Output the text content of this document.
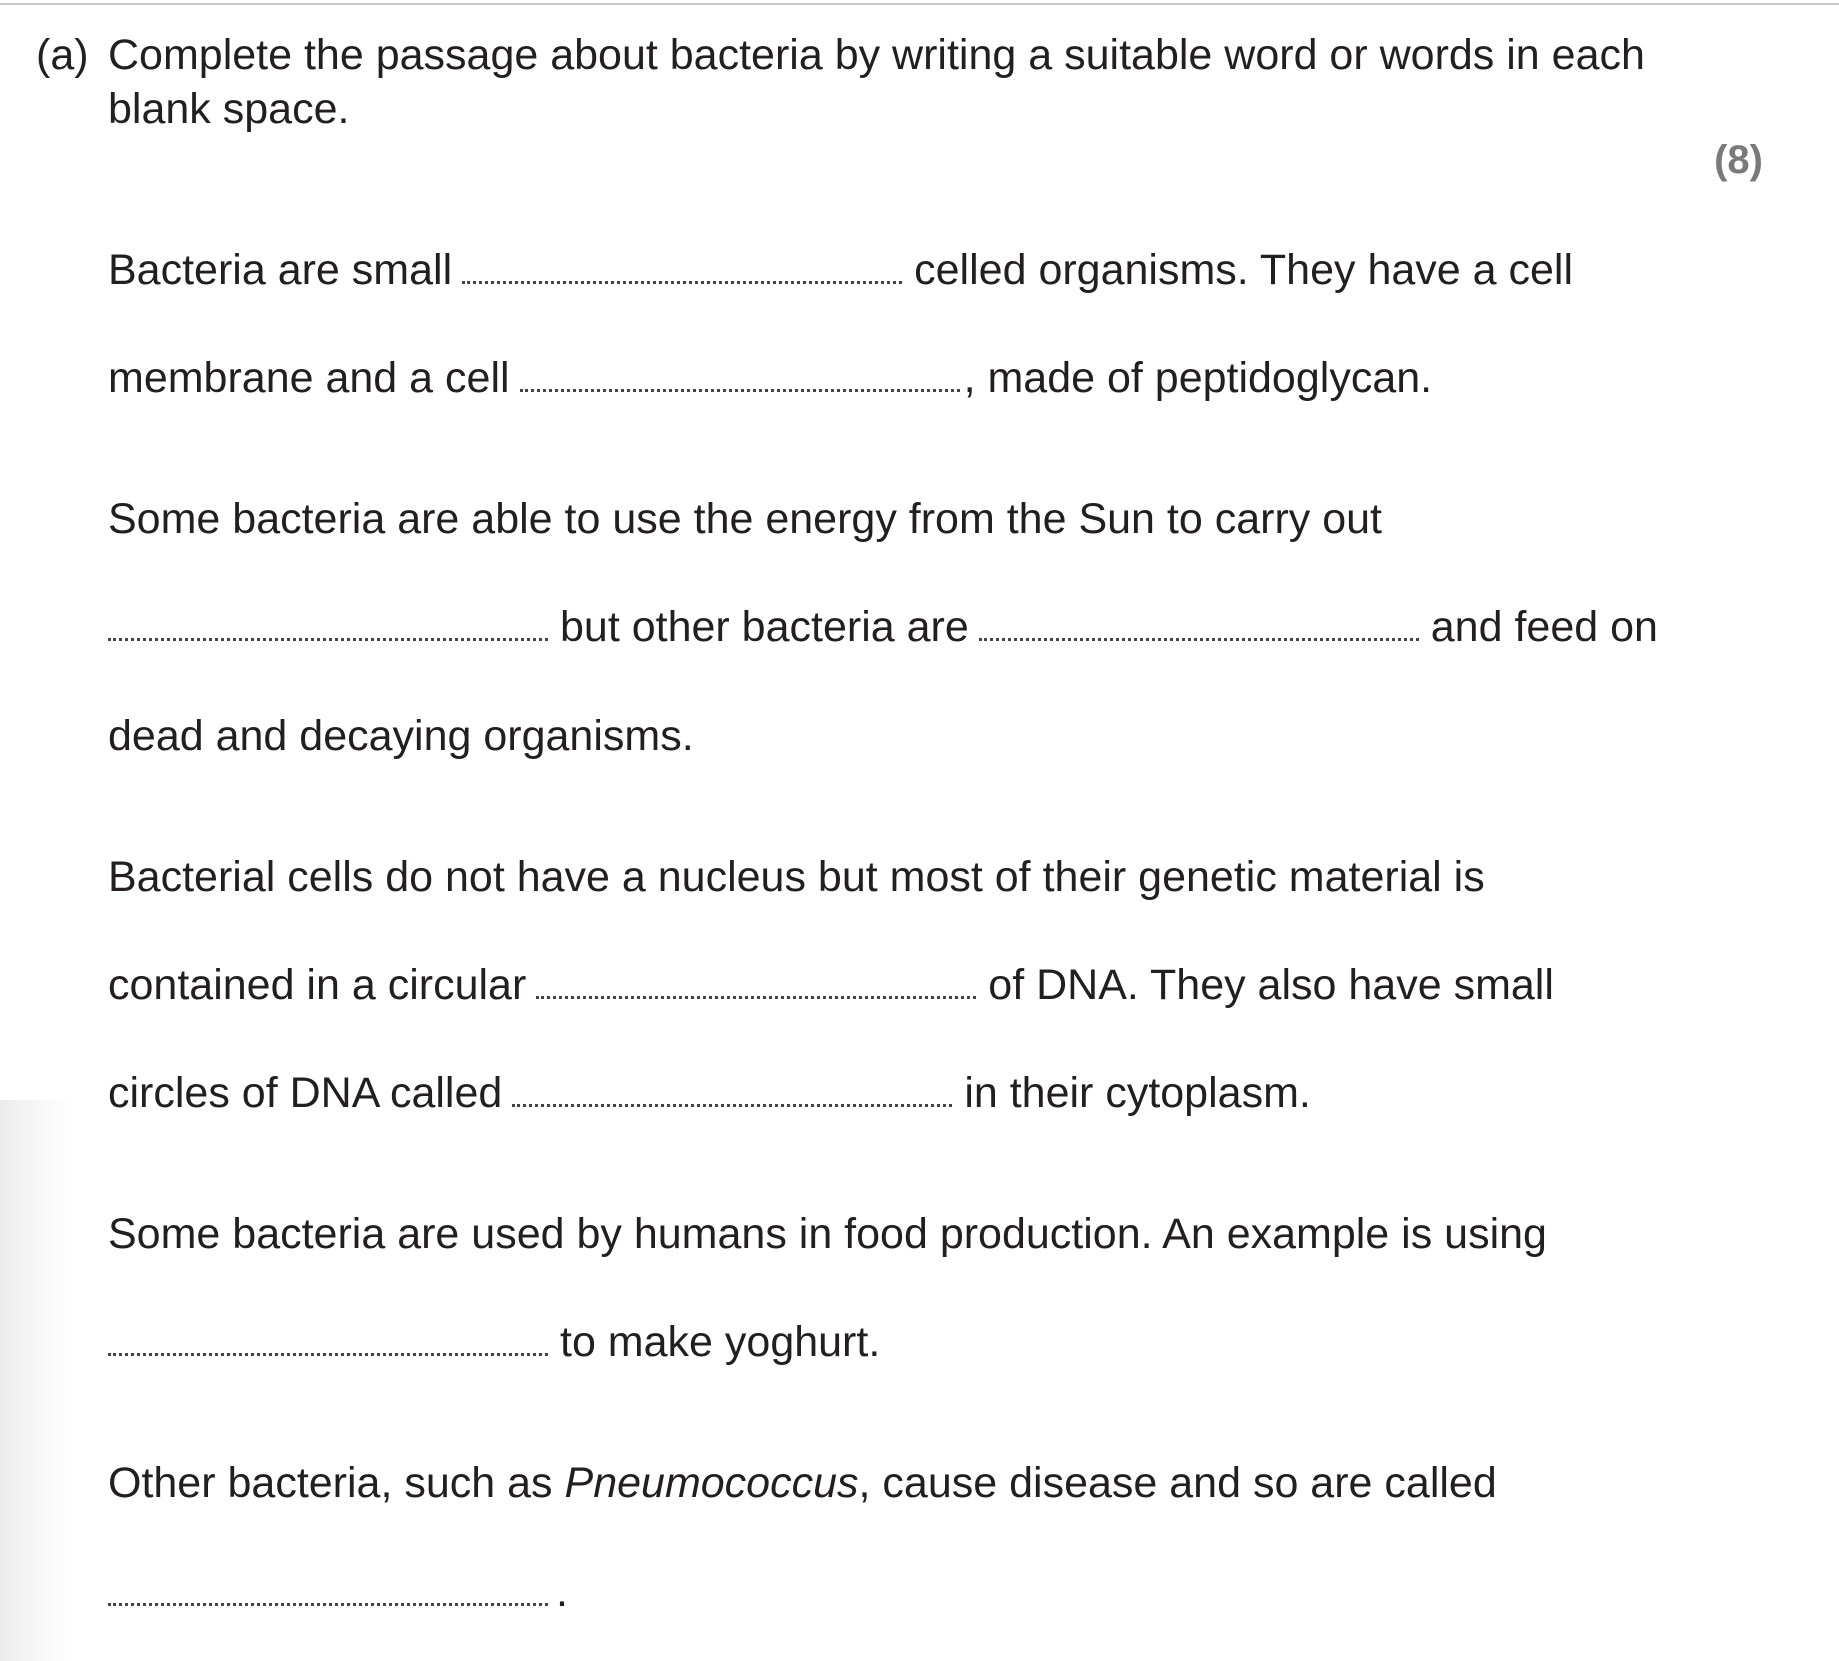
(a) Complete the passage about bacteria by writing a suitable word or words in each blank space.
(8)
Bacteria are small	celled organisms. They have a cell
membrane and a cell	, made of peptidoglycan.
Some bacteria are able to use the energy from the Sun to carry out
but other bacteria are	and feed on
dead and decaying organisms.
Bacterial cells do not have a nucleus but most of their genetic material is
contained in a circular	of DNA. They also have small
circles of DNA called	in their cytoplasm.
Some bacteria are used by humans in food production. An example is using
to make yoghurt.
Other bacteria, such as Pneumococcus, cause disease and so are called
.
